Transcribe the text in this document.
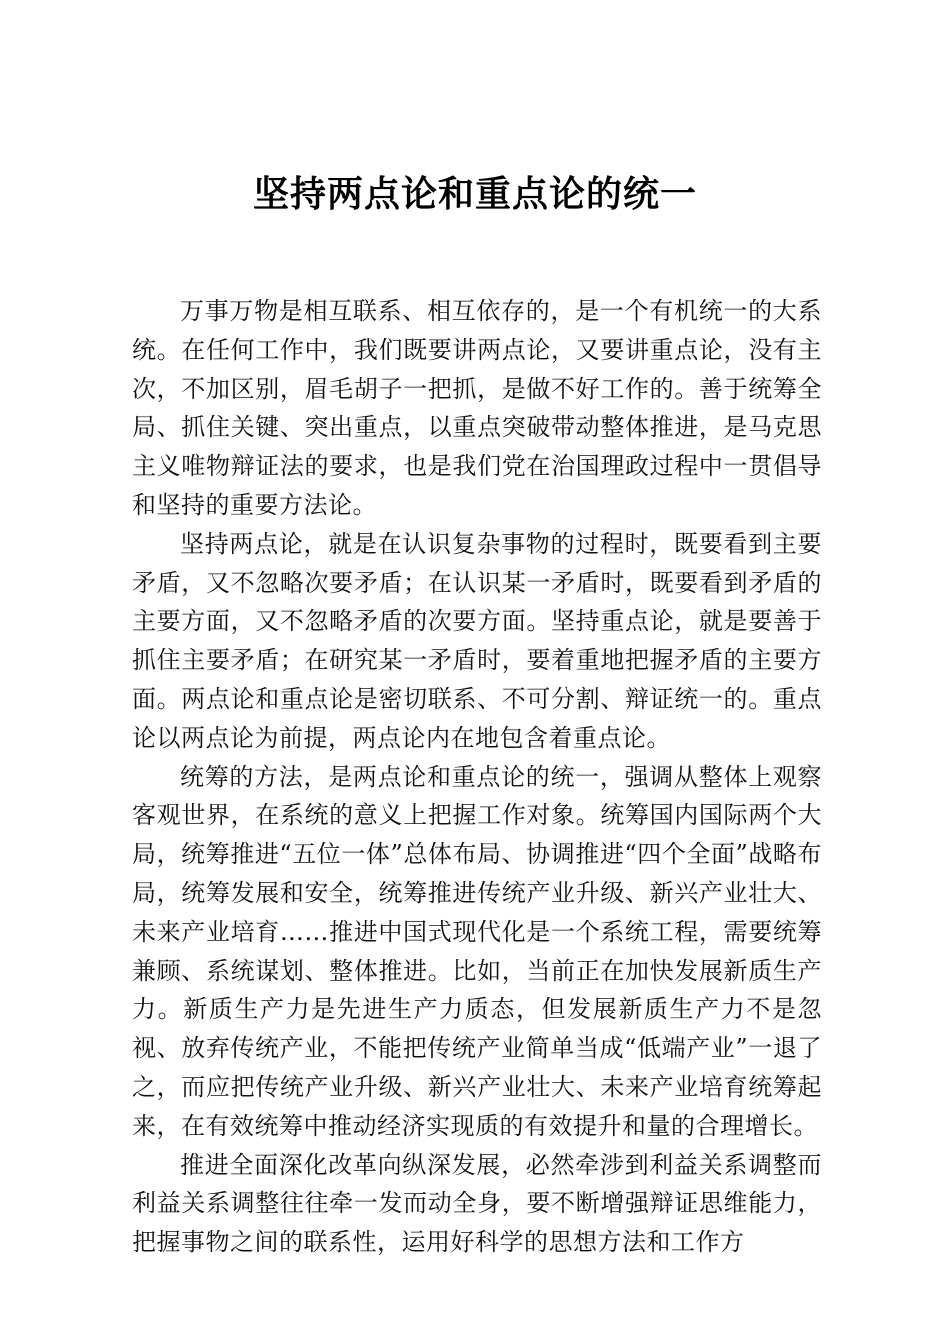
坚持两点论和重点论的统一

万事万物是相互联系、相互依存的，是一个有机统一的大系统。在任何工作中，我们既要讲两点论，又要讲重点论，没有主次，不加区别，眉毛胡子一把抓，是做不好工作的。善于统筹全局、抓住关键、突出重点，以重点突破带动整体推进，是马克思主义唯物辩证法的要求，也是我们党在治国理政过程中一贯倡导和坚持的重要方法论。

坚持两点论，就是在认识复杂事物的过程时，既要看到主要矛盾，又不忽略次要矛盾；在认识某一矛盾时，既要看到矛盾的主要方面，又不忽略矛盾的次要方面。坚持重点论，就是要善于抓住主要矛盾；在研究某一矛盾时，要着重地把握矛盾的主要方面。两点论和重点论是密切联系、不可分割、辩证统一的。重点论以两点论为前提，两点论内在地包含着重点论。

统筹的方法，是两点论和重点论的统一，强调从整体上观察客观世界，在系统的意义上把握工作对象。统筹国内国际两个大局，统筹推进“五位一体”总体布局、协调推进“四个全面”战略布局，统筹发展和安全，统筹推进传统产业升级、新兴产业壮大、未来产业培育……推进中国式现代化是一个系统工程，需要统筹兼顾、系统谋划、整体推进。比如，当前正在加快发展新质生产力。新质生产力是先进生产力质态，但发展新质生产力不是忽视、放弃传统产业，不能把传统产业简单当成“低端产业”一退了之，而应把传统产业升级、新兴产业壮大、未来产业培育统筹起来，在有效统筹中推动经济实现质的有效提升和量的合理增长。

推进全面深化改革向纵深发展，必然牵涉到利益关系调整而利益关系调整往往牵一发而动全身，要不断增强辩证思维能力，把握事物之间的联系性，运用好科学的思想方法和工作方
